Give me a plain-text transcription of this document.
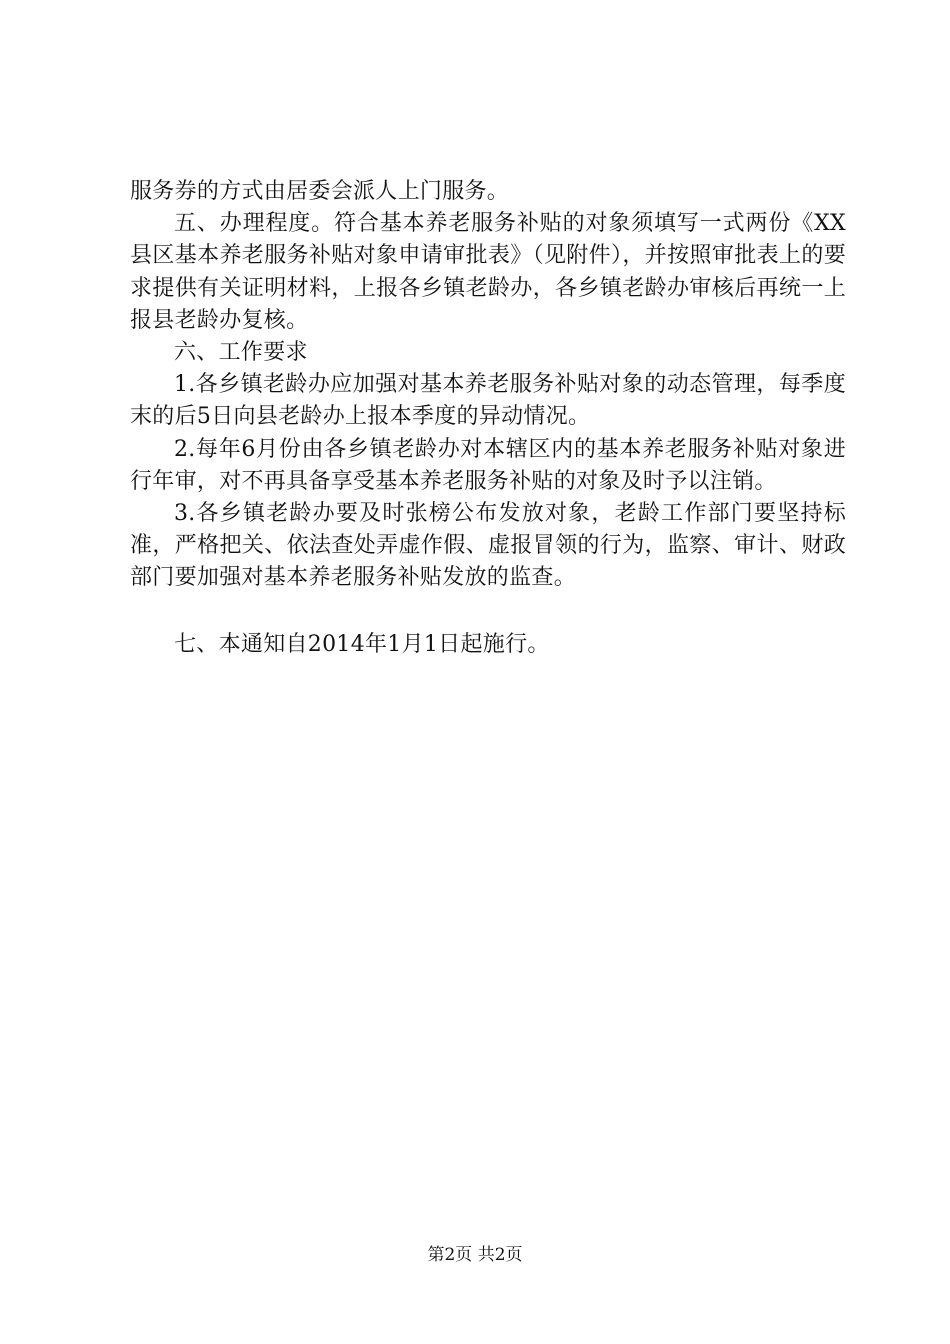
服务券的方式由居委会派人上门服务。

五、办理程度。符合基本养老服务补贴的对象须填写一式两份《XX县区基本养老服务补贴对象申请审批表》（见附件），并按照审批表上的要求提供有关证明材料，上报各乡镇老龄办，各乡镇老龄办审核后再统一上报县老龄办复核。

六、工作要求

1.各乡镇老龄办应加强对基本养老服务补贴对象的动态管理，每季度末的后5日向县老龄办上报本季度的异动情况。

2.每年6月份由各乡镇老龄办对本辖区内的基本养老服务补贴对象进行年审，对不再具备享受基本养老服务补贴的对象及时予以注销。

3.各乡镇老龄办要及时张榜公布发放对象，老龄工作部门要坚持标准，严格把关、依法查处弄虚作假、虚报冒领的行为，监察、审计、财政部门要加强对基本养老服务补贴发放的监查。

七、本通知自2014年1月1日起施行。

第2页 共2页
